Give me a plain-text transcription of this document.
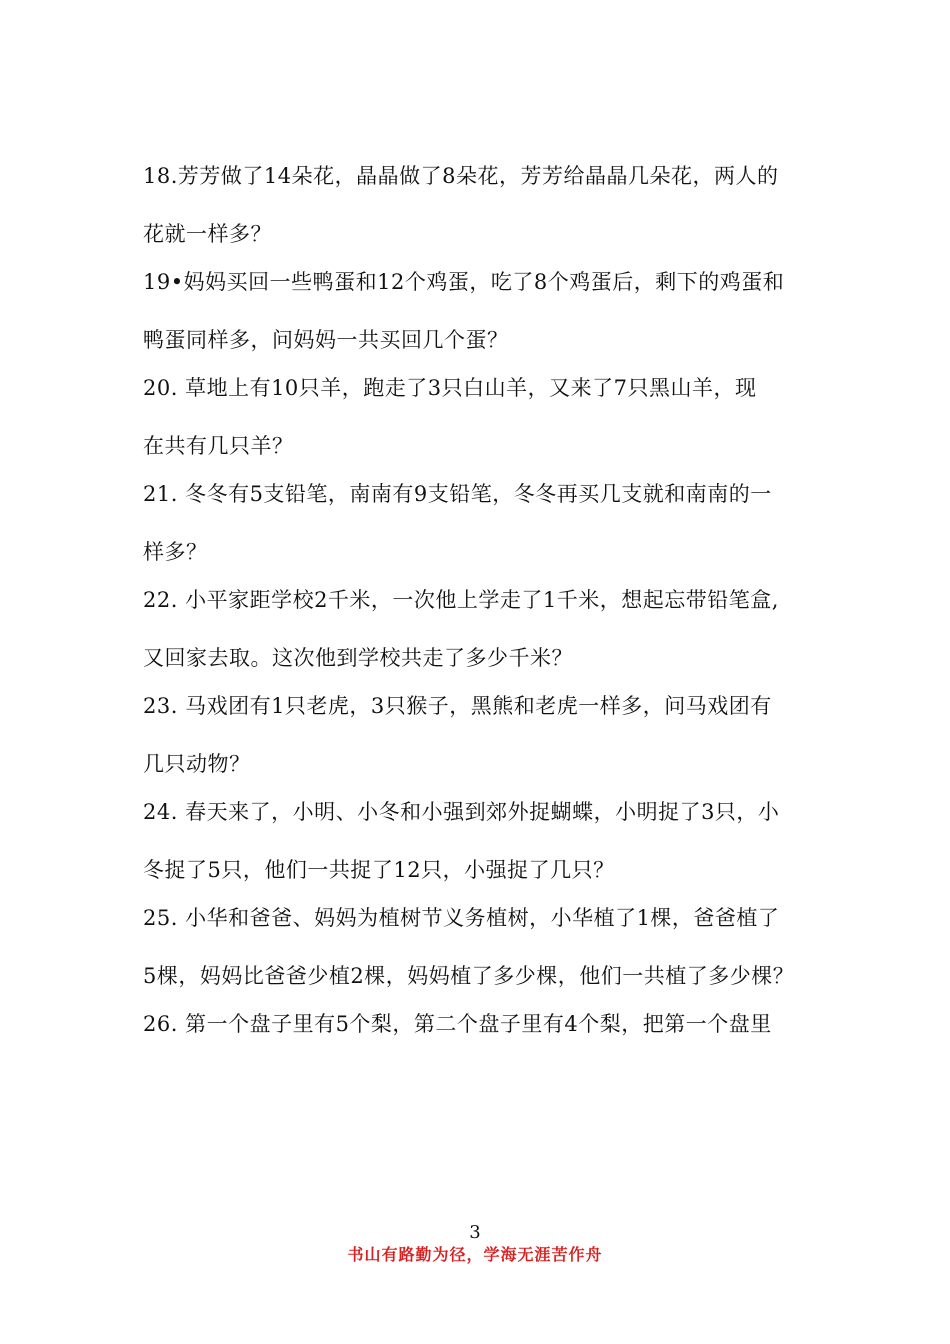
18.芳芳做了14朵花，晶晶做了8朵花，芳芳给晶晶几朵花，两人的
花就一样多？
19•妈妈买回一些鸭蛋和12个鸡蛋，吃了8个鸡蛋后，剩下的鸡蛋和
鸭蛋同样多，问妈妈一共买回几个蛋？
20. 草地上有10只羊，跑走了3只白山羊，又来了7只黑山羊，现
在共有几只羊？
21. 冬冬有5支铅笔，南南有9支铅笔，冬冬再买几支就和南南的一
样多？
22. 小平家距学校2千米，一次他上学走了1千米，想起忘带铅笔盒,
又回家去取。这次他到学校共走了多少千米？
23. 马戏团有1只老虎，3只猴子，黑熊和老虎一样多，问马戏团有
几只动物？
24. 春天来了，小明、小冬和小强到郊外捉蝴蝶，小明捉了3只，小
冬捉了5只，他们一共捉了12只，小强捉了几只？
25. 小华和爸爸、妈妈为植树节义务植树，小华植了1棵，爸爸植了
5棵，妈妈比爸爸少植2棵，妈妈植了多少棵，他们一共植了多少棵？
26. 第一个盘子里有5个梨，第二个盘子里有4个梨，把第一个盘里
3
书山有路勤为径，学海无涯苦作舟
